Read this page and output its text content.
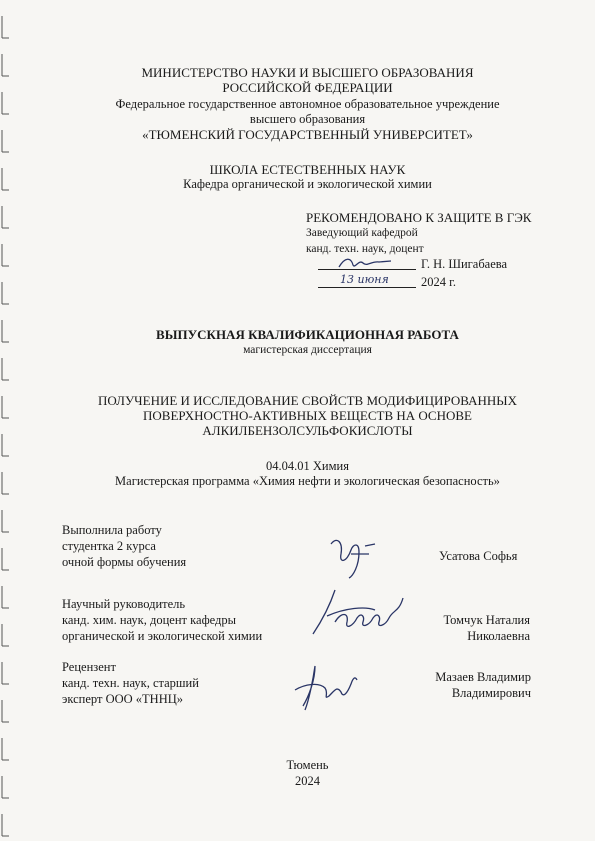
МИНИСТЕРСТВО НАУКИ И ВЫСШЕГО ОБРАЗОВАНИЯ
РОССИЙСКОЙ ФЕДЕРАЦИИ
Федеральное государственное автономное образовательное учреждение
высшего образования
«ТЮМЕНСКИЙ ГОСУДАРСТВЕННЫЙ УНИВЕРСИТЕТ»
ШКОЛА ЕСТЕСТВЕННЫХ НАУК
Кафедра органической и экологической химии
РЕКОМЕНДОВАНО К ЗАЩИТЕ В ГЭК
Заведующий кафедрой
канд. техн. наук, доцент
Г. Н. Шигабаева
13 июня	2024 г.
ВЫПУСКНАЯ КВАЛИФИКАЦИОННАЯ РАБОТА
магистерская диссертация
ПОЛУЧЕНИЕ И ИССЛЕДОВАНИЕ СВОЙСТВ МОДИФИЦИРОВАННЫХ
ПОВЕРХНОСТНО-АКТИВНЫХ ВЕЩЕСТВ НА ОСНОВЕ
АЛКИЛБЕНЗОЛСУЛЬФОКИСЛОТЫ
04.04.01 Химия
Магистерская программа «Химия нефти и экологическая безопасность»
Выполнила работу
студентка 2 курса
очной формы обучения	Усатова Софья
Научный руководитель
канд. хим. наук, доцент кафедры
органической и экологической химии
Томчук Наталия
Николаевна
Рецензент
канд. техн. наук, старший
эксперт ООО «ТННЦ»
Мазаев Владимир
Владимирович
Тюмень
2024
